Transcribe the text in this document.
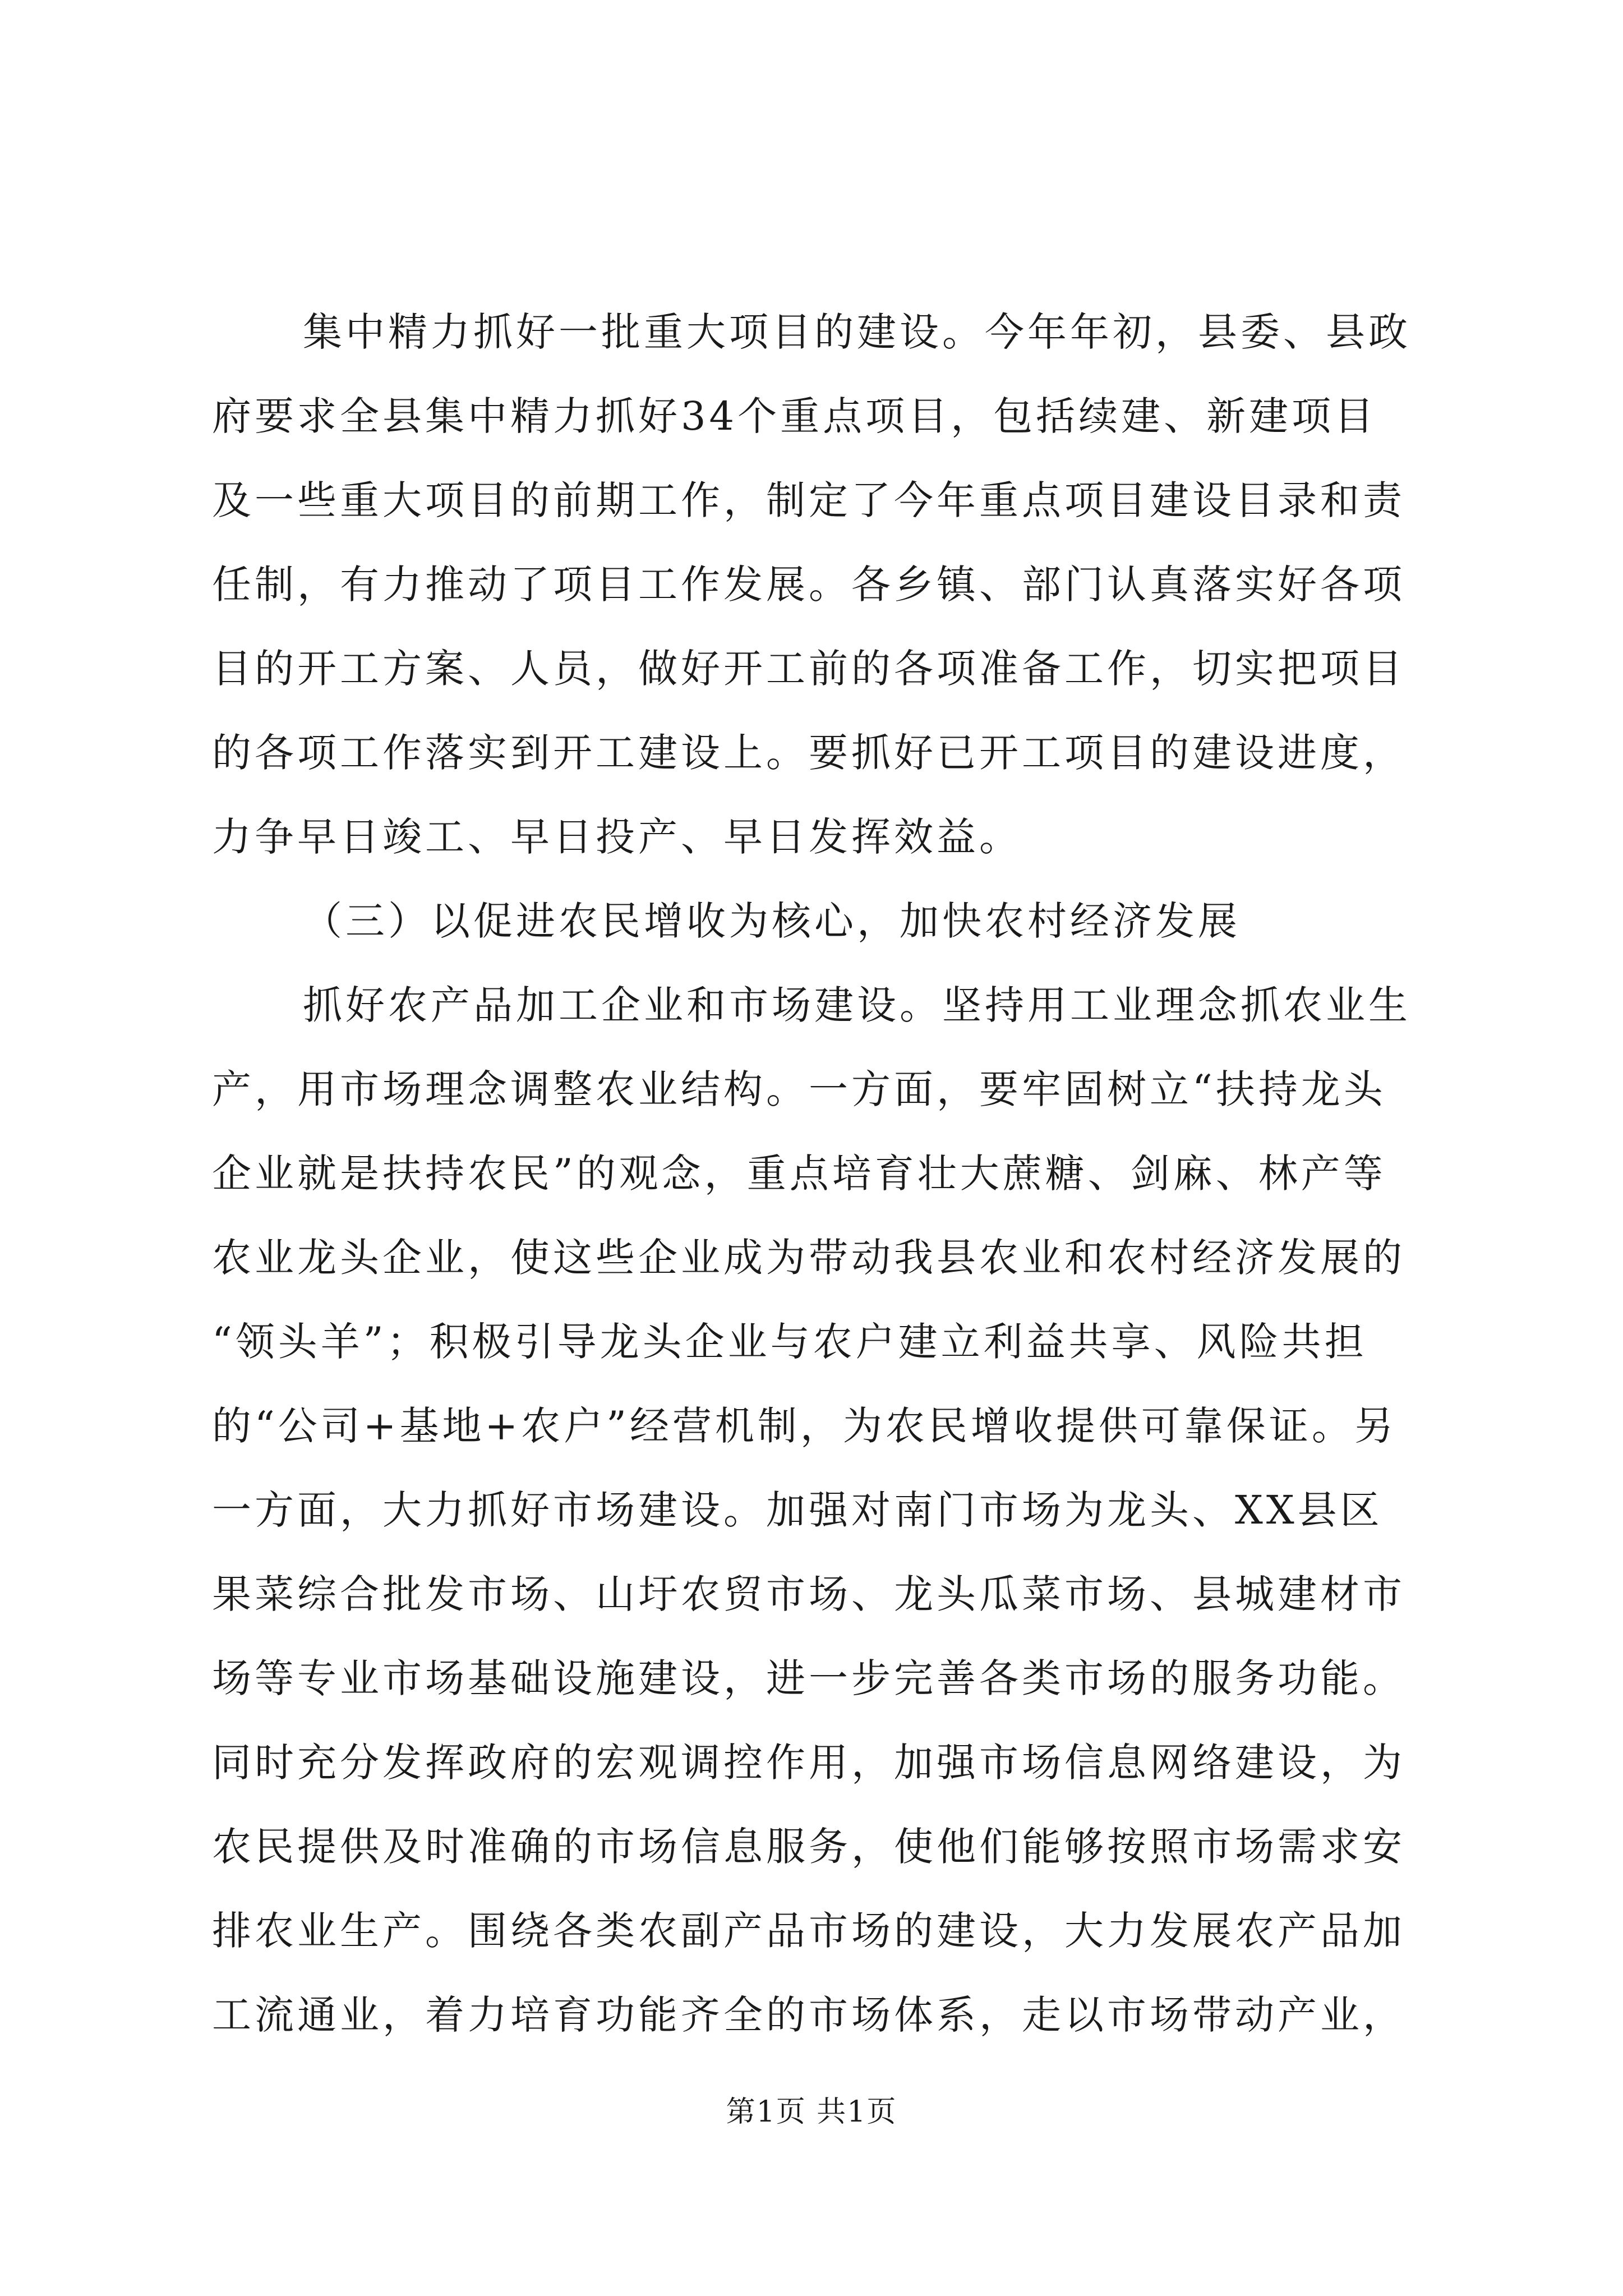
集中精力抓好一批重大项目的建设。今年年初，县委、县政
府要求全县集中精力抓好34个重点项目，包括续建、新建项目
及一些重大项目的前期工作，制定了今年重点项目建设目录和责
任制，有力推动了项目工作发展。各乡镇、部门认真落实好各项
目的开工方案、人员，做好开工前的各项准备工作，切实把项目
的各项工作落实到开工建设上。要抓好已开工项目的建设进度，
力争早日竣工、早日投产、早日发挥效益。
（三）以促进农民增收为核心，加快农村经济发展
抓好农产品加工企业和市场建设。坚持用工业理念抓农业生
产，用市场理念调整农业结构。一方面，要牢固树立“扶持龙头
企业就是扶持农民”的观念，重点培育壮大蔗糖、剑麻、林产等
农业龙头企业，使这些企业成为带动我县农业和农村经济发展的
“领头羊”；积极引导龙头企业与农户建立利益共享、风险共担
的“公司+基地+农户”经营机制，为农民增收提供可靠保证。另
一方面，大力抓好市场建设。加强对南门市场为龙头、XX县区
果菜综合批发市场、山圩农贸市场、龙头瓜菜市场、县城建材市
场等专业市场基础设施建设，进一步完善各类市场的服务功能。
同时充分发挥政府的宏观调控作用，加强市场信息网络建设，为
农民提供及时准确的市场信息服务，使他们能够按照市场需求安
排农业生产。围绕各类农副产品市场的建设，大力发展农产品加
工流通业，着力培育功能齐全的市场体系，走以市场带动产业，
第1页 共1页
